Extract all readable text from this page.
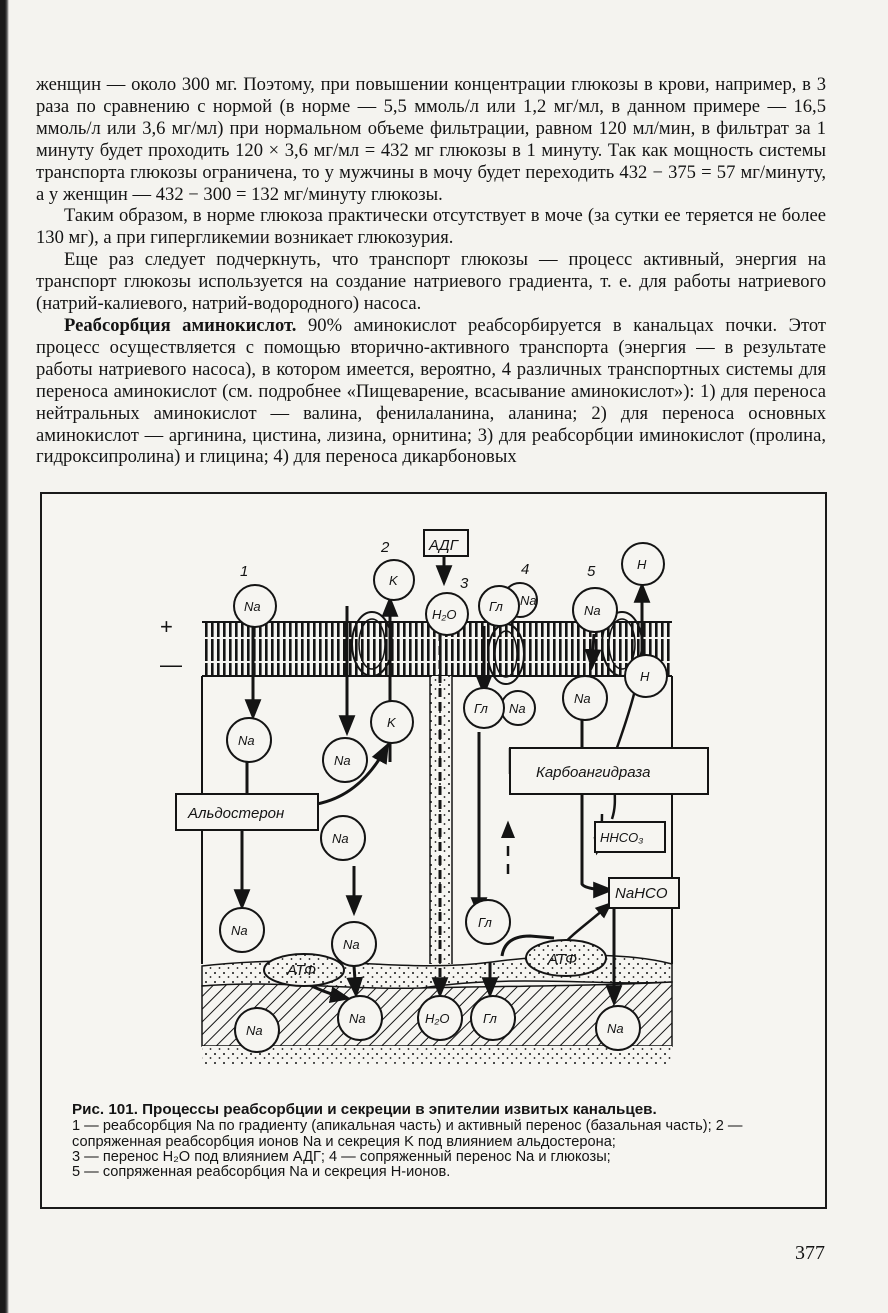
женщин — около 300 мг. Поэтому, при повышении концентрации глюкозы в крови, например, в 3 раза по сравнению с нормой (в норме — 5,5 ммоль/л или 1,2 мг/мл, в данном примере — 16,5 ммоль/л или 3,6 мг/мл) при нормальном объеме фильтрации, равном 120 мл/мин, в фильтрат за 1 минуту будет проходить 120 × 3,6 мг/мл = 432 мг глюкозы в 1 минуту. Так как мощность системы транспорта глюкозы ограничена, то у мужчины в мочу будет переходить 432 − 375 = 57 мг/минуту, а у женщин — 432 − 300 = 132 мг/минуту глюкозы.

Таким образом, в норме глюкоза практически отсутствует в моче (за сутки ее теряется не более 130 мг), а при гипергликемии возникает глюкозурия.

Еще раз следует подчеркнуть, что транспорт глюкозы — процесс активный, энергия на транспорт глюкозы используется на создание натриевого градиента, т. е. для работы натриевого (натрий-калиевого, натрий-водородного) насоса.

Реабсорбция аминокислот. 90% аминокислот реабсорбируется в канальцах почки. Этот процесс осуществляется с помощью вторично-активного транспорта (энергия — в результате работы натриевого насоса), в котором имеется, вероятно, 4 различных транспортных системы для переноса аминокислот (см. подробнее «Пищеварение, всасывание аминокислот»): 1) для переноса нейтральных аминокислот — валина, фенилаланина, аланина; 2) для переноса основных аминокислот — аргинина, цистина, лизина, орнитина; 3) для реабсорбции иминокислот (пролина, гидроксипролина) и глицина; 4) для переноса дикарбоновых

+
—
1
2
3
4	5
АТФ
АТФ
АДГ
Альдостерон
Карбоангидраза
HHCO₃
NaHCO
Na
Na
Na
Na
K
K
Na
Na
Na
Na
H₂O
H₂O
Na
Гл
Na
Гл
Гл
Гл
H
Na
H
Na
Na
Рис. 101. Процессы реабсорбции и секреции в эпителии извитых канальцев.
1 — реабсорбция Na по градиенту (апикальная часть) и активный перенос (базальная часть); 2 — сопряженная реабсорбция ионов Na и секреция K под влиянием альдостерона;
3 — перенос H₂O под влиянием АДГ; 4 — сопряженный перенос Na и глюкозы;
5 — сопряженная реабсорбция Na и секреция H-ионов.
377
